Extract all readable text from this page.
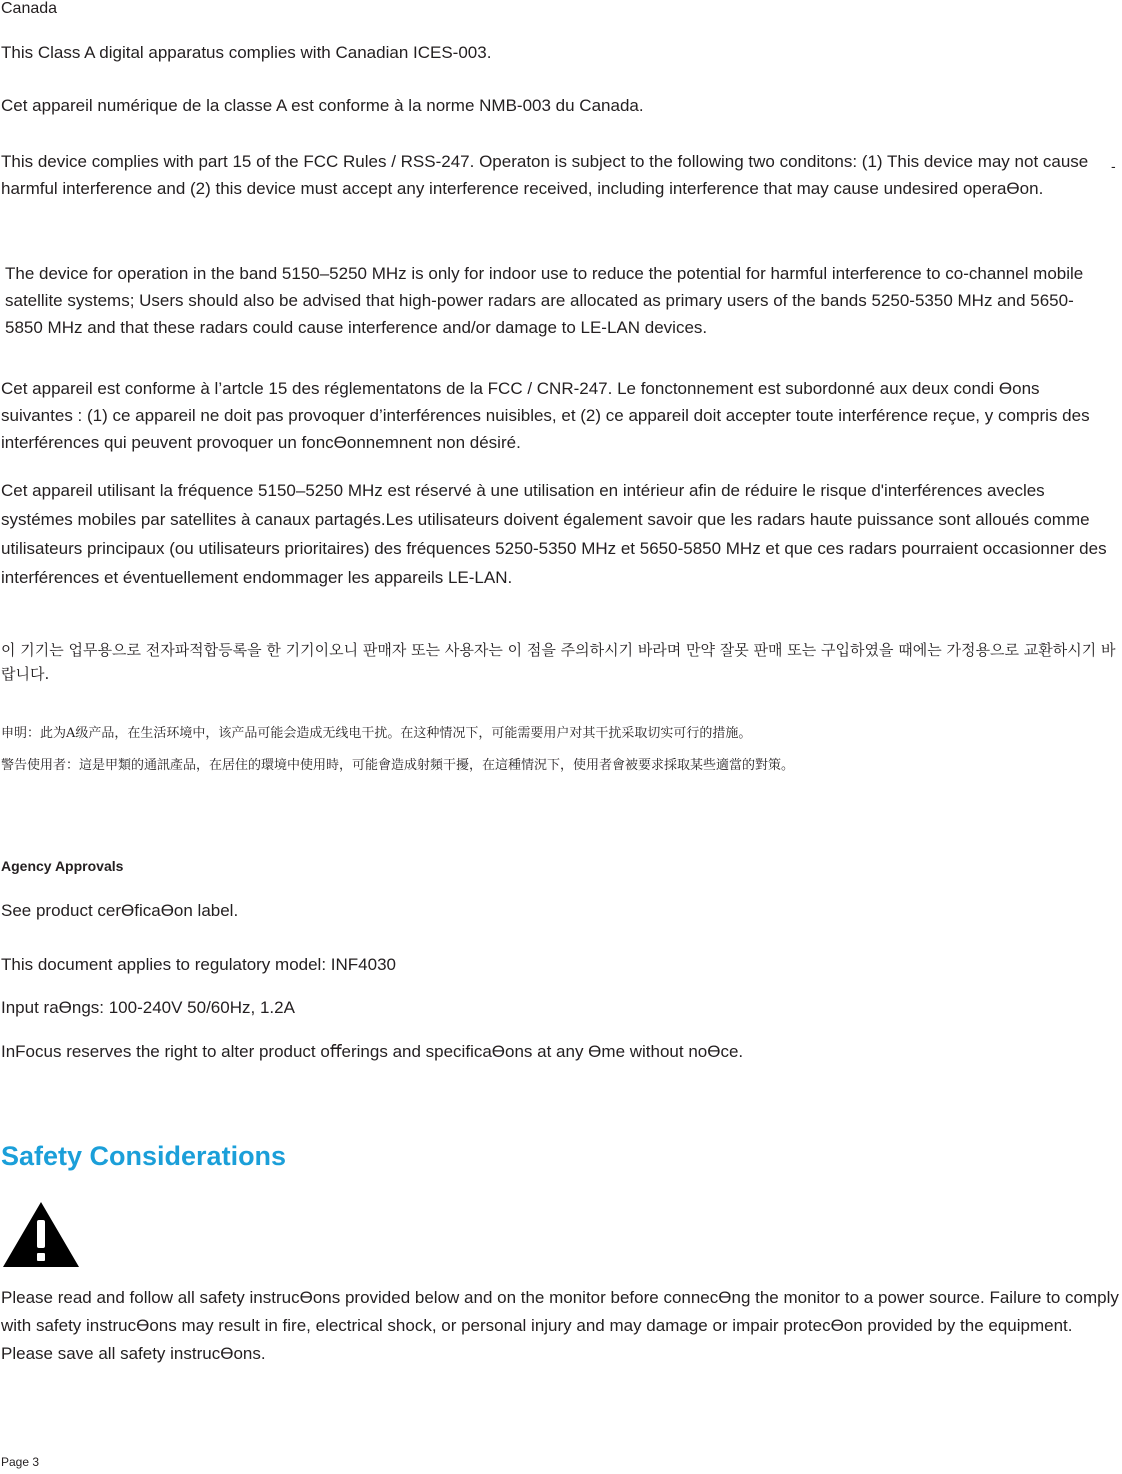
Canada

This Class A digital apparatus complies with Canadian ICES-003.

Cet appareil numérique de la classe A est conforme à la norme NMB-003 du Canada.

This device complies with part 15 of the FCC Rules / RSS-247. Operaton is subject to the following two conditons: (1) This device may not cause harmful interference and (2) this device must accept any interference received, including interference that may cause undesired operaƟon.

-

The device for operation in the band 5150–5250 MHz is only for indoor use to reduce the potential for harmful interference to co-channel mobile satellite systems; Users should also be advised that high-power radars are allocated as primary users of the bands 5250-5350 MHz and 5650-5850 MHz and that these radars could cause interference and/or damage to LE-LAN devices.

Cet appareil est conforme à l’artcle 15 des réglementatons de la FCC / CNR-247. Le fonctonnement est subordonné aux deux condi Ɵons suivantes : (1) ce appareil ne doit pas provoquer d’interférences nuisibles, et (2) ce appareil doit accepter toute interférence reçue, y compris des interférences qui peuvent provoquer un foncƟonnemnent non désiré.

Cet appareil utilisant la fréquence 5150–5250 MHz est réservé à une utilisation en intérieur afin de réduire le risque d'interférences avecles systémes mobiles par satellites à canaux partagés.Les utilisateurs doivent également savoir que les radars haute puissance sont alloués comme utilisateurs principaux (ou utilisateurs prioritaires) des fréquences 5250-5350 MHz et 5650-5850 MHz et que ces radars pourraient occasionner des interférences et éventuellement endommager les appareils LE-LAN.

이 기기는 업무용으로 전자파적합등록을 한 기기이오니 판매자 또는 사용자는 이 점을 주의하시기 바라며 만약 잘못 판매 또는 구입하였을 때에는 가정용으로 교환하시기 바랍니다.

申明：此为A级产品，在生活环境中，该产品可能会造成无线电干扰。在这种情况下，可能需要用户对其干扰采取切实可行的措施。

警告使用者：這是甲類的通訊產品，在居住的環境中使用時，可能會造成射頻干擾，在這種情況下，使用者會被要求採取某些適當的對策。

Agency Approvals

See product cerƟficaƟon label.

This document applies to regulatory model: INF4030

Input raƟngs: 100-240V 50/60Hz, 1.2A

InFocus reserves the right to alter product oﬀerings and speciﬁcaƟons at any Ɵme without noƟce.

Safety Considerations

Please read and follow all safety instrucƟons provided below and on the monitor before connecƟng the monitor to a power source. Failure to comply with safety instrucƟons may result in ﬁre, electrical shock, or personal injury and may damage or impair protecƟon provided by the equipment. Please save all safety instrucƟons.

Page 3
